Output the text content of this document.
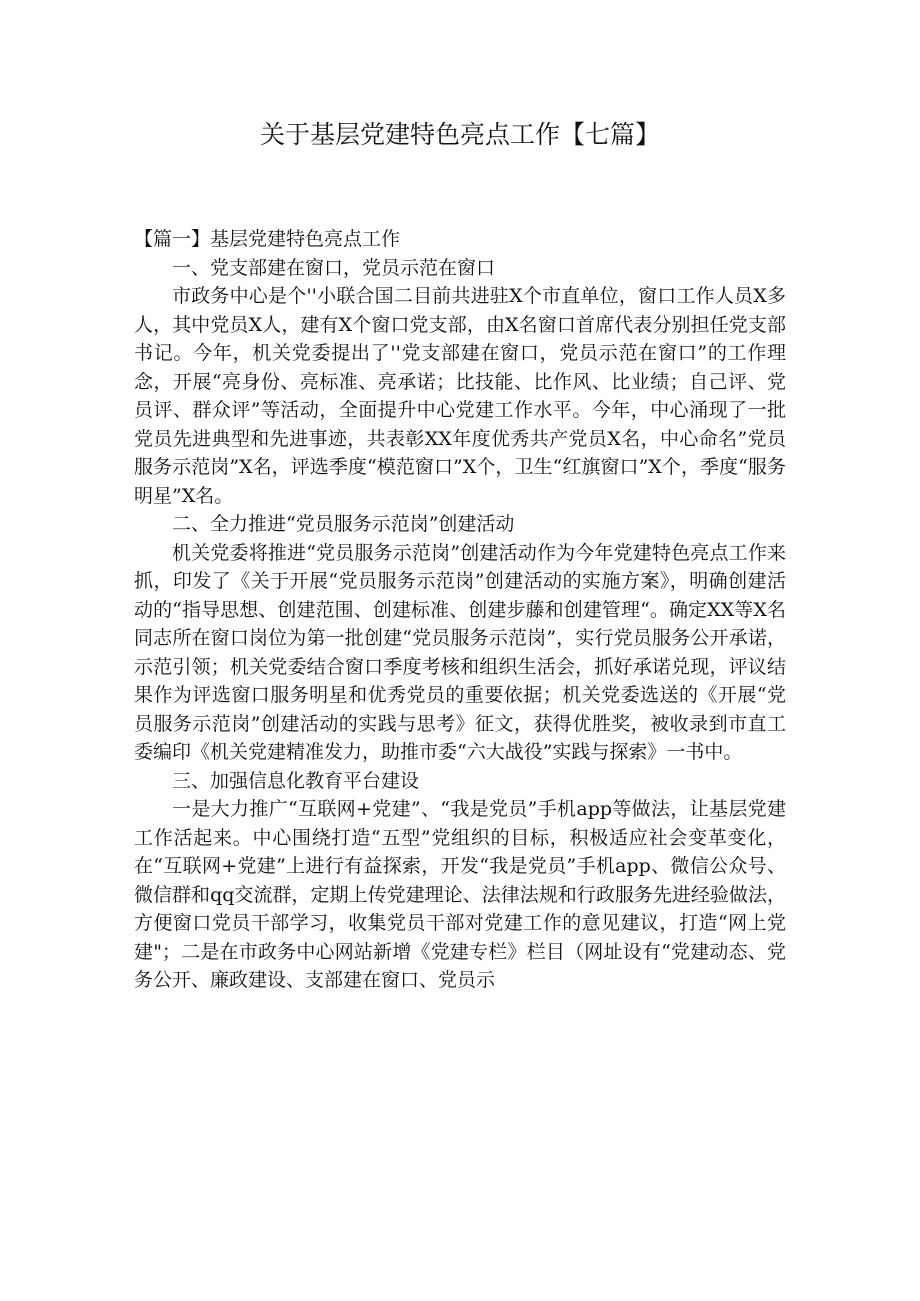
关于基层党建特色亮点工作【七篇】

【篇一】基层党建特色亮点工作

一、党支部建在窗口，党员示范在窗口

市政务中心是个''小联合国二目前共进驻X个市直单位，窗口工作人员X多人，其中党员X人，建有X个窗口党支部，由X名窗口首席代表分别担任党支部书记。今年，机关党委提出了''党支部建在窗口，党员示范在窗口”的工作理念，开展“亮身份、亮标准、亮承诺；比技能、比作风、比业绩；自己评、党员评、群众评”等活动，全面提升中心党建工作水平。今年，中心涌现了一批党员先进典型和先进事迹，共表彰XX年度优秀共产党员X名，中心命名”党员服务示范岗”X名，评选季度“模范窗口”X个，卫生“红旗窗口”X个，季度“服务明星”X名。

二、全力推进“党员服务示范岗”创建活动

机关党委将推进“党员服务示范岗”创建活动作为今年党建特色亮点工作来抓，印发了《关于开展“党员服务示范岗”创建活动的实施方案》，明确创建活动的“指导思想、创建范围、创建标准、创建步藤和创建管理“。确定XX等X名同志所在窗口岗位为第一批创建“党员服务示范岗”，实行党员服务公开承诺，示范引领；机关党委结合窗口季度考核和组织生活会，抓好承诺兑现，评议结果作为评选窗口服务明星和优秀党员的重要依据；机关党委选送的《开展“党员服务示范岗”创建活动的实践与思考》征文，获得优胜奖，被收录到市直工委编印《机关党建精准发力，助推市委“六大战役”实践与探索》一书中。

三、加强信息化教育平台建设

一是大力推广“互联网+党建”、“我是党员”手机app等做法，让基层党建工作活起来。中心围绕打造“五型”党组织的目标，积极适应社会变革变化，在“互联网+党建”上进行有益探索，开发“我是党员”手机app、微信公众号、微信群和qq交流群，定期上传党建理论、法律法规和行政服务先进经验做法，方便窗口党员干部学习，收集党员干部对党建工作的意见建议，打造“网上党建"；二是在市政务中心网站新增《党建专栏》栏目（网址设有“党建动态、党务公开、廉政建设、支部建在窗口、党员示
